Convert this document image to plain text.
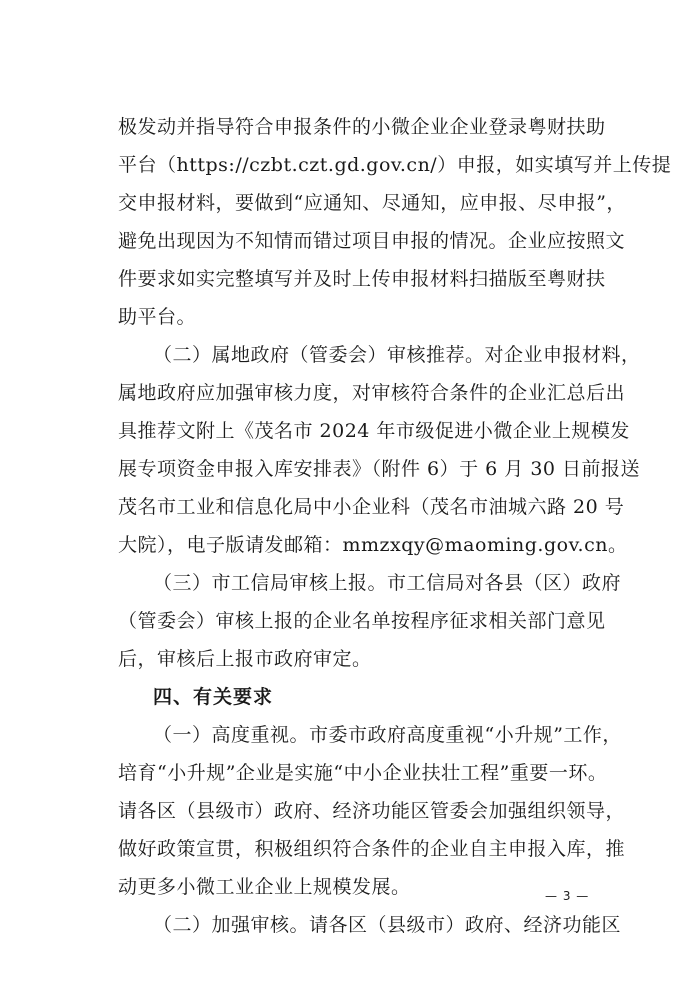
极发动并指导符合申报条件的小微企业企业登录粤财扶助
平台（https://czbt.czt.gd.gov.cn/）申报，如实填写并上传提
交申报材料，要做到“应通知、尽通知，应申报、尽申报”，
避免出现因为不知情而错过项目申报的情况。企业应按照文
件要求如实完整填写并及时上传申报材料扫描版至粤财扶
助平台。
（二）属地政府（管委会）审核推荐。对企业申报材料，
属地政府应加强审核力度，对审核符合条件的企业汇总后出
具推荐文附上《茂名市 2024 年市级促进小微企业上规模发
展专项资金申报入库安排表》（附件 6）于 6 月 30 日前报送
茂名市工业和信息化局中小企业科（茂名市油城六路 20 号
大院），电子版请发邮箱：mmzxqy@maoming.gov.cn。
（三）市工信局审核上报。市工信局对各县（区）政府
（管委会）审核上报的企业名单按程序征求相关部门意见
后，审核后上报市政府审定。
四、有关要求
（一）高度重视。市委市政府高度重视“小升规”工作，
培育“小升规”企业是实施“中小企业扶壮工程”重要一环。
请各区（县级市）政府、经济功能区管委会加强组织领导，
做好政策宣贯，积极组织符合条件的企业自主申报入库，推
动更多小微工业企业上规模发展。
（二）加强审核。请各区（县级市）政府、经济功能区
— 3 —
